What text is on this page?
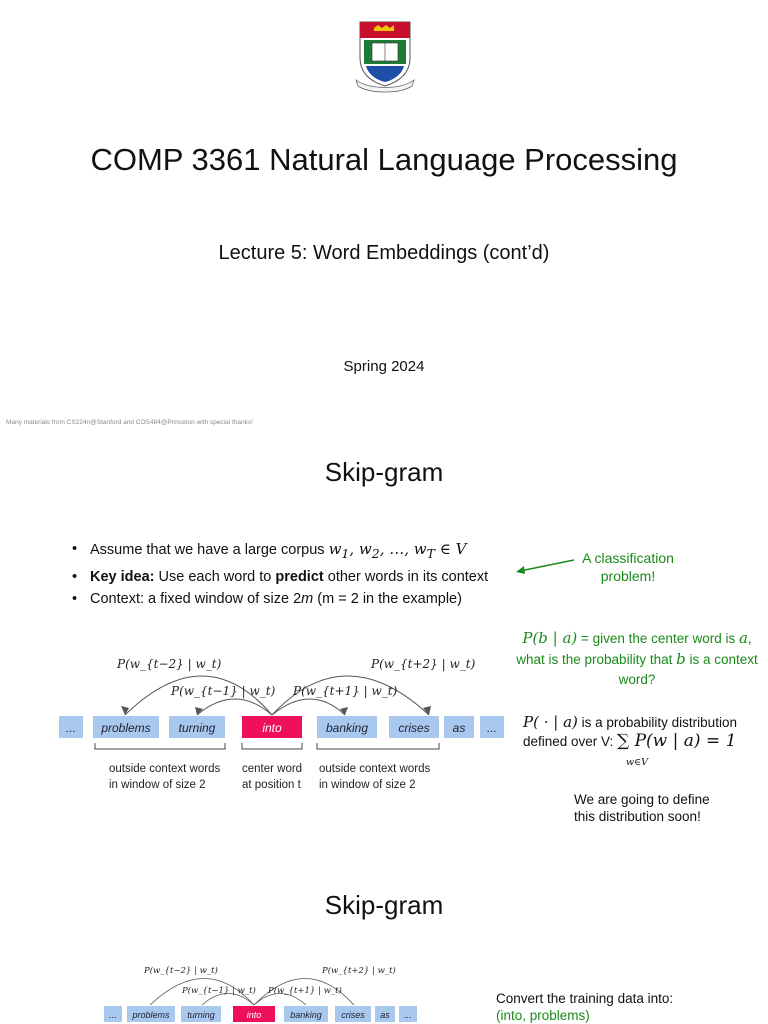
COMP 3361 Natural Language Processing
Lecture 5: Word Embeddings (cont’d)
Spring 2024
Many materials from CS224n@Stanford and COS484@Princeton with special thanks!
Skip-gram
• Assume that we have a large corpus $w_1$, $w_2$, …, $w_T$ ∈ V
• Key idea: Use each word to predict other words in its context
• Context: a fixed window of size 2m (m = 2 in the example)
A classification
problem!
P(b | a) = given the center word is a, what is the probability that b is a context word?
P( · | a) is a probability distribution
defined over V: ∑ P(w | a) = 1
w∈V
We are going to define
this distribution soon!
P(w_{t−2} | w_t)
P(w_{t−1} | w_t) P(w_{t+1} | w_t)
P(w_{t+2} | w_t)
... problems turning	into	banking	crises as ...
outside context words
in window of size 2
center word
at position t
outside context words
in window of size 2
Skip-gram
P(w_{t−2} | w_t)
P(w_{t−1} | w_t) P(w_{t+1} | w_t)
P(w_{t+2} | w_t)
... problems turning	into	banking crises as ...
Convert the training data into:
(into, problems)
